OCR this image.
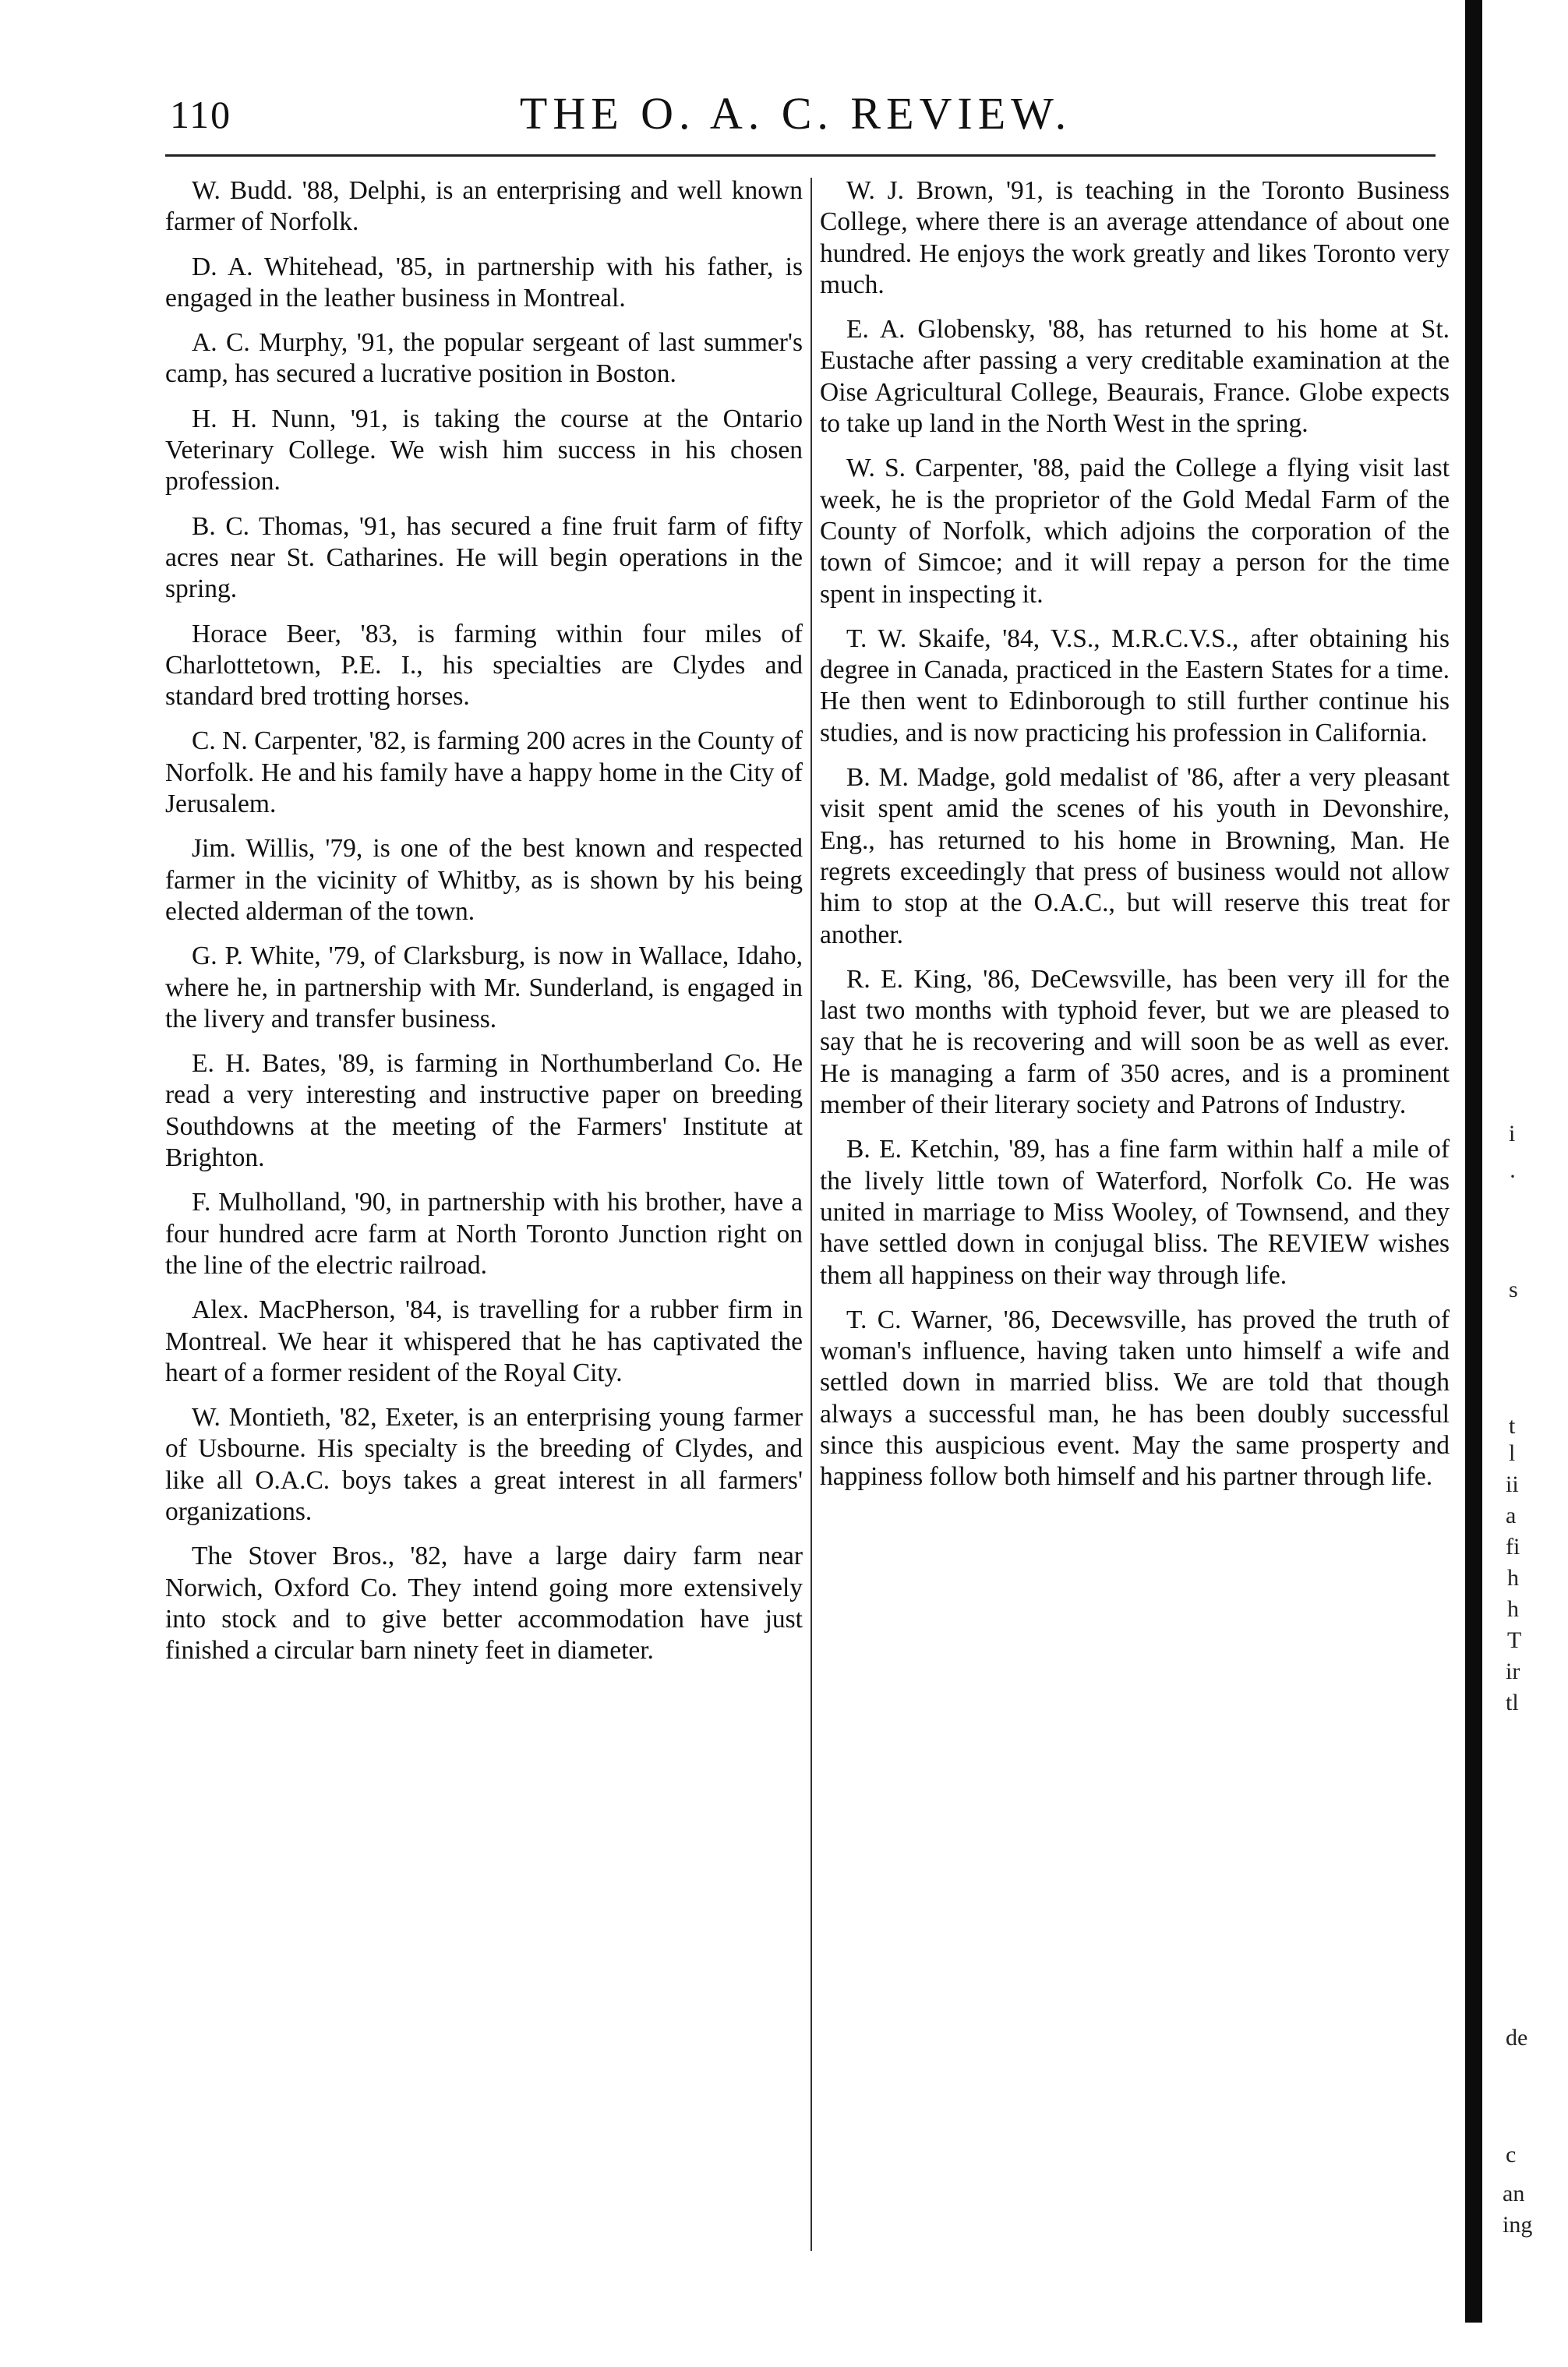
110	THE O. A. C. REVIEW.

W. Budd. '88, Delphi, is an enterprising and well known farmer of Norfolk.

D. A. Whitehead, '85, in partnership with his father, is engaged in the leather business in Montreal.

A. C. Murphy, '91, the popular sergeant of last summer's camp, has secured a lucrative position in Boston.

H. H. Nunn, '91, is taking the course at the Ontario Veterinary College. We wish him success in his chosen profession.

B. C. Thomas, '91, has secured a fine fruit farm of fifty acres near St. Catharines. He will begin operations in the spring.

Horace Beer, '83, is farming within four miles of Charlottetown, P.E. I., his specialties are Clydes and standard bred trotting horses.

C. N. Carpenter, '82, is farming 200 acres in the County of Norfolk. He and his family have a happy home in the City of Jerusalem.

Jim. Willis, '79, is one of the best known and respected farmer in the vicinity of Whitby, as is shown by his being elected alderman of the town.

G. P. White, '79, of Clarksburg, is now in Wallace, Idaho, where he, in partnership with Mr. Sunderland, is engaged in the livery and transfer business.

E. H. Bates, '89, is farming in Northumberland Co. He read a very interesting and instructive paper on breeding Southdowns at the meeting of the Farmers' Institute at Brighton.

F. Mulholland, '90, in partnership with his brother, have a four hundred acre farm at North Toronto Junction right on the line of the electric railroad.

Alex. MacPherson, '84, is travelling for a rubber firm in Montreal. We hear it whispered that he has captivated the heart of a former resident of the Royal City.

W. Montieth, '82, Exeter, is an enterprising young farmer of Usbourne. His specialty is the breeding of Clydes, and like all O.A.C. boys takes a great interest in all farmers' organizations.

The Stover Bros., '82, have a large dairy farm near Norwich, Oxford Co. They intend going more extensively into stock and to give better accommodation have just finished a circular barn ninety feet in diameter.

W. J. Brown, '91, is teaching in the Toronto Business College, where there is an average attendance of about one hundred. He enjoys the work greatly and likes Toronto very much.

E. A. Globensky, '88, has returned to his home at St. Eustache after passing a very creditable examination at the Oise Agricultural College, Beaurais, France. Globe expects to take up land in the North West in the spring.

W. S. Carpenter, '88, paid the College a flying visit last week, he is the proprietor of the Gold Medal Farm of the County of Norfolk, which adjoins the corporation of the town of Simcoe; and it will repay a person for the time spent in inspecting it.

T. W. Skaife, '84, V.S., M.R.C.V.S., after obtaining his degree in Canada, practiced in the Eastern States for a time. He then went to Edinborough to still further continue his studies, and is now practicing his profession in California.

B. M. Madge, gold medalist of '86, after a very pleasant visit spent amid the scenes of his youth in Devonshire, Eng., has returned to his home in Browning, Man. He regrets exceedingly that press of business would not allow him to stop at the O.A.C., but will reserve this treat for another.

R. E. King, '86, DeCewsville, has been very ill for the last two months with typhoid fever, but we are pleased to say that he is recovering and will soon be as well as ever. He is managing a farm of 350 acres, and is a prominent member of their literary society and Patrons of Industry.

B. E. Ketchin, '89, has a fine farm within half a mile of the lively little town of Waterford, Norfolk Co. He was united in marriage to Miss Wooley, of Townsend, and they have settled down in conjugal bliss. The REVIEW wishes them all happiness on their way through life.

T. C. Warner, '86, Decewsville, has proved the truth of woman's influence, having taken unto himself a wife and settled down in married bliss. We are told that though always a successful man, he has been doubly successful since this auspicious event. May the same prosperty and happiness follow both himself and his partner through life.

i
·
s
t
l
ii
a
fi
h
h
T
ir
tl
de
c
an
ing
